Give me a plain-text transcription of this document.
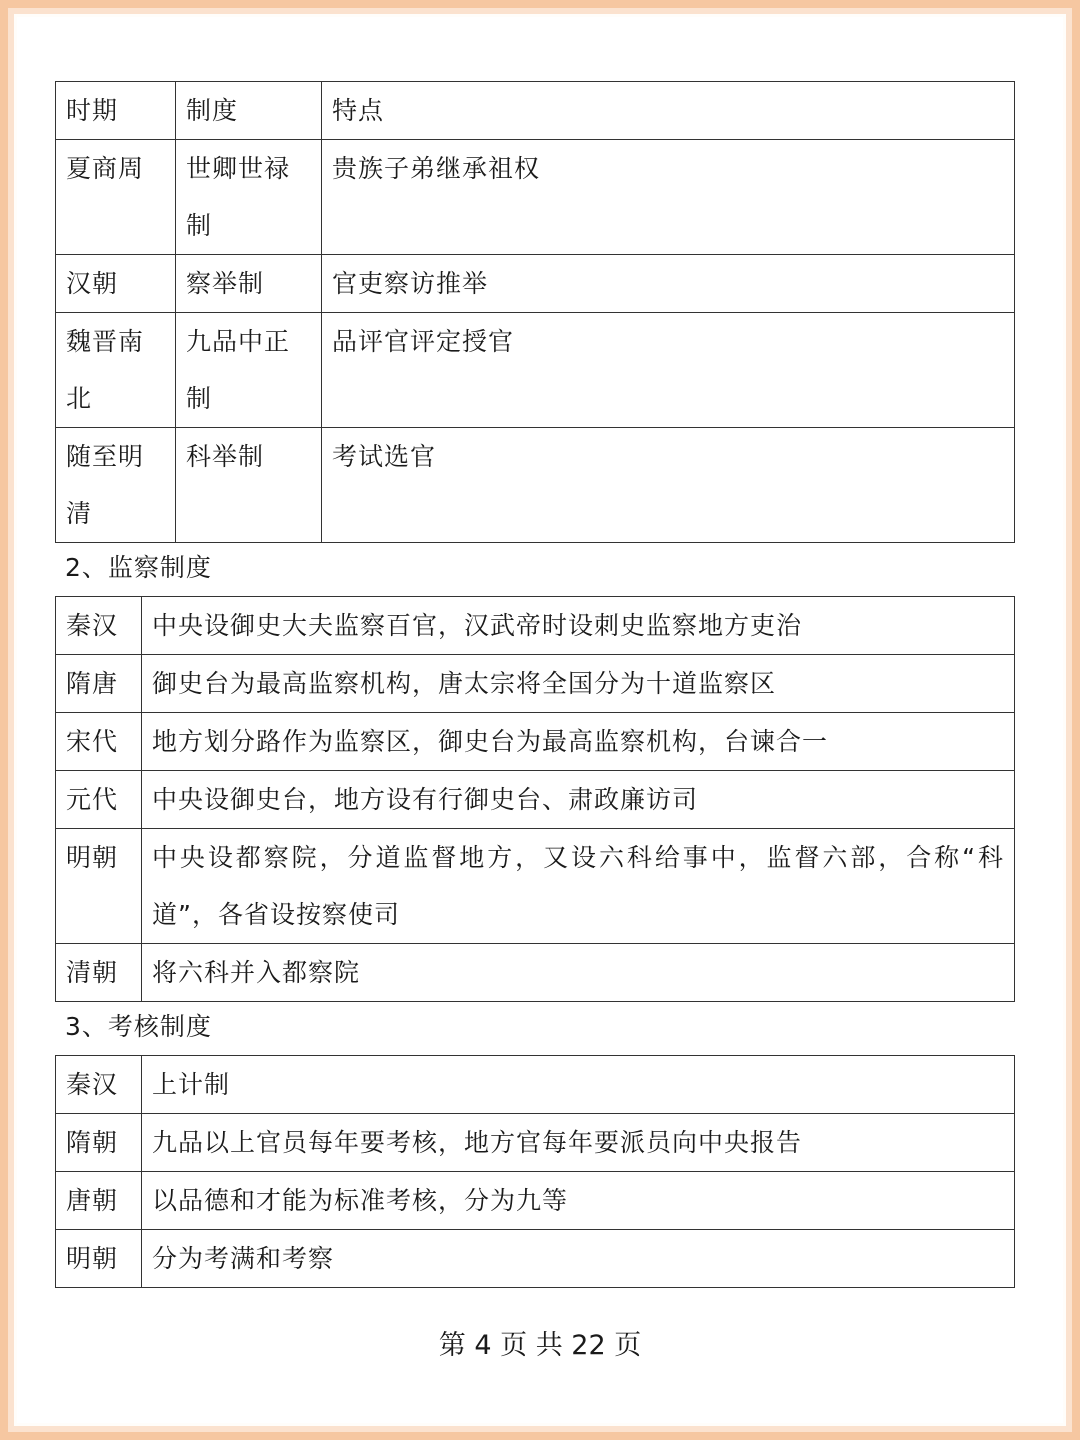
时期	制度	特点
夏商周	世卿世禄制	贵族子弟继承祖权
汉朝	察举制	官吏察访推举
魏晋南北	九品中正制	品评官评定授官
随至明清	科举制	考试选官

2、监察制度

秦汉	中央设御史大夫监察百官，汉武帝时设刺史监察地方吏治
隋唐	御史台为最高监察机构，唐太宗将全国分为十道监察区
宋代	地方划分路作为监察区，御史台为最高监察机构，台谏合一
元代	中央设御史台，地方设有行御史台、肃政廉访司
明朝	中央设都察院，分道监督地方，又设六科给事中，监督六部，合称“科道”，各省设按察使司
清朝	将六科并入都察院

3、考核制度

秦汉	上计制
隋朝	九品以上官员每年要考核，地方官每年要派员向中央报告
唐朝	以品德和才能为标准考核，分为九等
明朝	分为考满和考察

第 4 页 共 22 页
